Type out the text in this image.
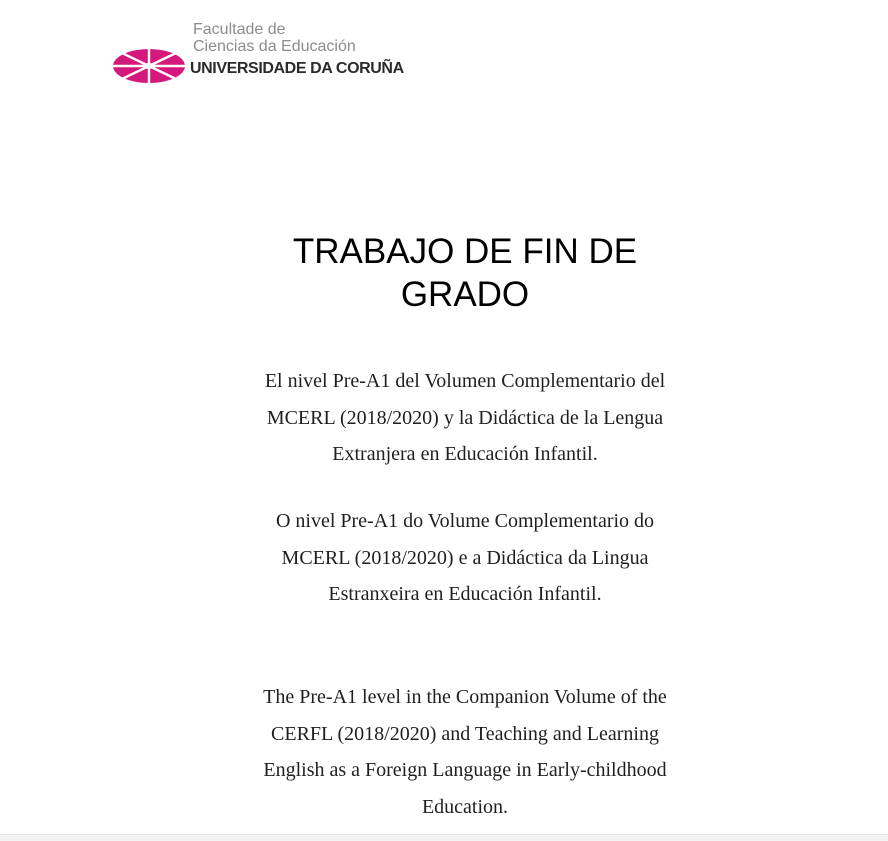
Facultade de
Ciencias da Educación
UNIVERSIDADE DA CORUÑA
TRABAJO DE FIN DE
GRADO
El nivel Pre-A1 del Volumen Complementario del
MCERL (2018/2020) y la Didáctica de la Lengua
Extranjera en Educación Infantil.
O nivel Pre-A1 do Volume Complementario do
MCERL (2018/2020) e a Didáctica da Lingua
Estranxeira en Educación Infantil.
The Pre-A1 level in the Companion Volume of the
CERFL (2018/2020) and Teaching and Learning
English as a Foreign Language in Early-childhood
Education.
